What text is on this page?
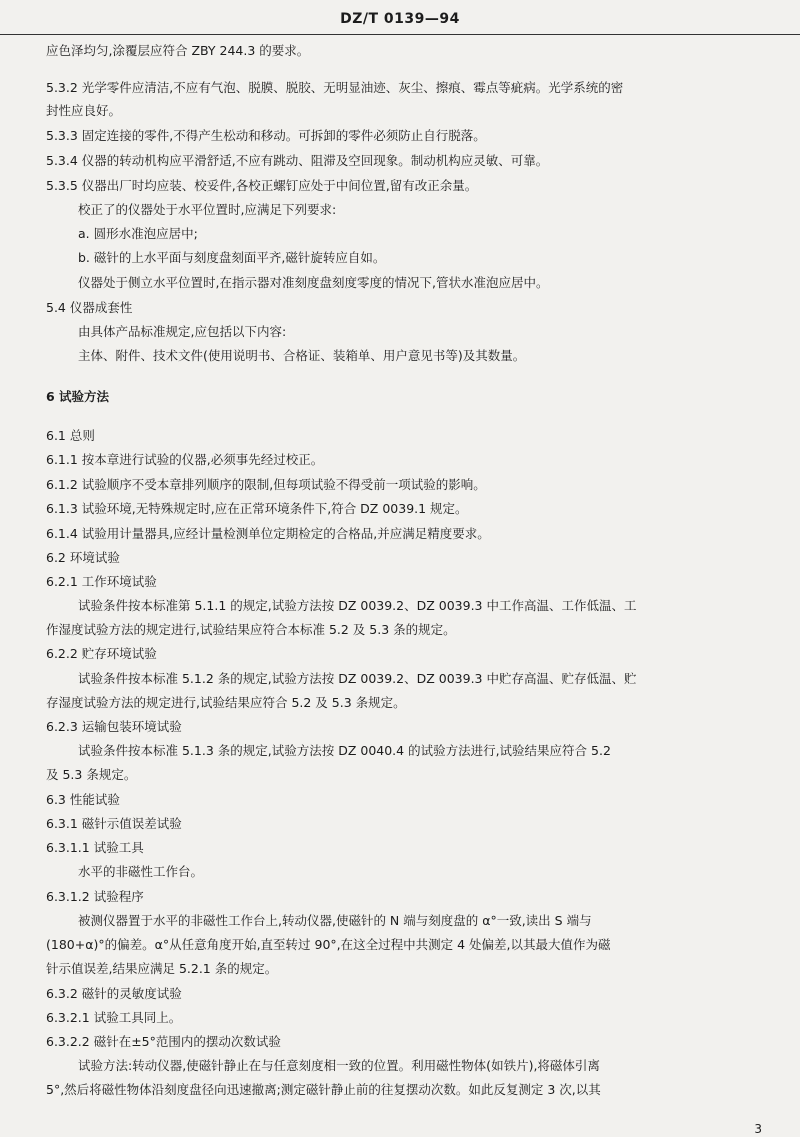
DZ/T 0139—94
应色泽均匀,涂覆层应符合 ZBY 244.3 的要求。
5.3.2 光学零件应清洁,不应有气泡、脱膜、脱胶、无明显油迹、灰尘、擦痕、霉点等疵病。光学系统的密
封性应良好。
5.3.3 固定连接的零件,不得产生松动和移动。可拆卸的零件必须防止自行脱落。
5.3.4 仪器的转动机构应平滑舒适,不应有跳动、阻滞及空回现象。制动机构应灵敏、可靠。
5.3.5 仪器出厂时均应装、校妥件,各校正螺钉应处于中间位置,留有改正余量。
校正了的仪器处于水平位置时,应满足下列要求:
a. 圆形水准泡应居中;
b. 磁针的上水平面与刻度盘刻面平齐,磁针旋转应自如。
仪器处于侧立水平位置时,在指示器对准刻度盘刻度零度的情况下,管状水准泡应居中。
5.4 仪器成套性
由具体产品标准规定,应包括以下内容:
主体、附件、技术文件(使用说明书、合格证、装箱单、用户意见书等)及其数量。
6 试验方法
6.1 总则
6.1.1 按本章进行试验的仪器,必须事先经过校正。
6.1.2 试验顺序不受本章排列顺序的限制,但每项试验不得受前一项试验的影响。
6.1.3 试验环境,无特殊规定时,应在正常环境条件下,符合 DZ 0039.1 规定。
6.1.4 试验用计量器具,应经计量检测单位定期检定的合格品,并应满足精度要求。
6.2 环境试验
6.2.1 工作环境试验
试验条件按本标准第 5.1.1 的规定,试验方法按 DZ 0039.2、DZ 0039.3 中工作高温、工作低温、工
作湿度试验方法的规定进行,试验结果应符合本标准 5.2 及 5.3 条的规定。
6.2.2 贮存环境试验
试验条件按本标准 5.1.2 条的规定,试验方法按 DZ 0039.2、DZ 0039.3 中贮存高温、贮存低温、贮
存湿度试验方法的规定进行,试验结果应符合 5.2 及 5.3 条规定。
6.2.3 运输包装环境试验
试验条件按本标准 5.1.3 条的规定,试验方法按 DZ 0040.4 的试验方法进行,试验结果应符合 5.2
及 5.3 条规定。
6.3 性能试验
6.3.1 磁针示值误差试验
6.3.1.1 试验工具
水平的非磁性工作台。
6.3.1.2 试验程序
被测仪器置于水平的非磁性工作台上,转动仪器,使磁针的 N 端与刻度盘的 α°一致,读出 S 端与
(180+α)°的偏差。α°从任意角度开始,直至转过 90°,在这全过程中共测定 4 处偏差,以其最大值作为磁
针示值误差,结果应满足 5.2.1 条的规定。
6.3.2 磁针的灵敏度试验
6.3.2.1 试验工具同上。
6.3.2.2 磁针在±5°范围内的摆动次数试验
试验方法:转动仪器,使磁针静止在与任意刻度相一致的位置。利用磁性物体(如铁片),将磁体引离
5°,然后将磁性物体沿刻度盘径向迅速撤离;测定磁针静止前的往复摆动次数。如此反复测定 3 次,以其
3
